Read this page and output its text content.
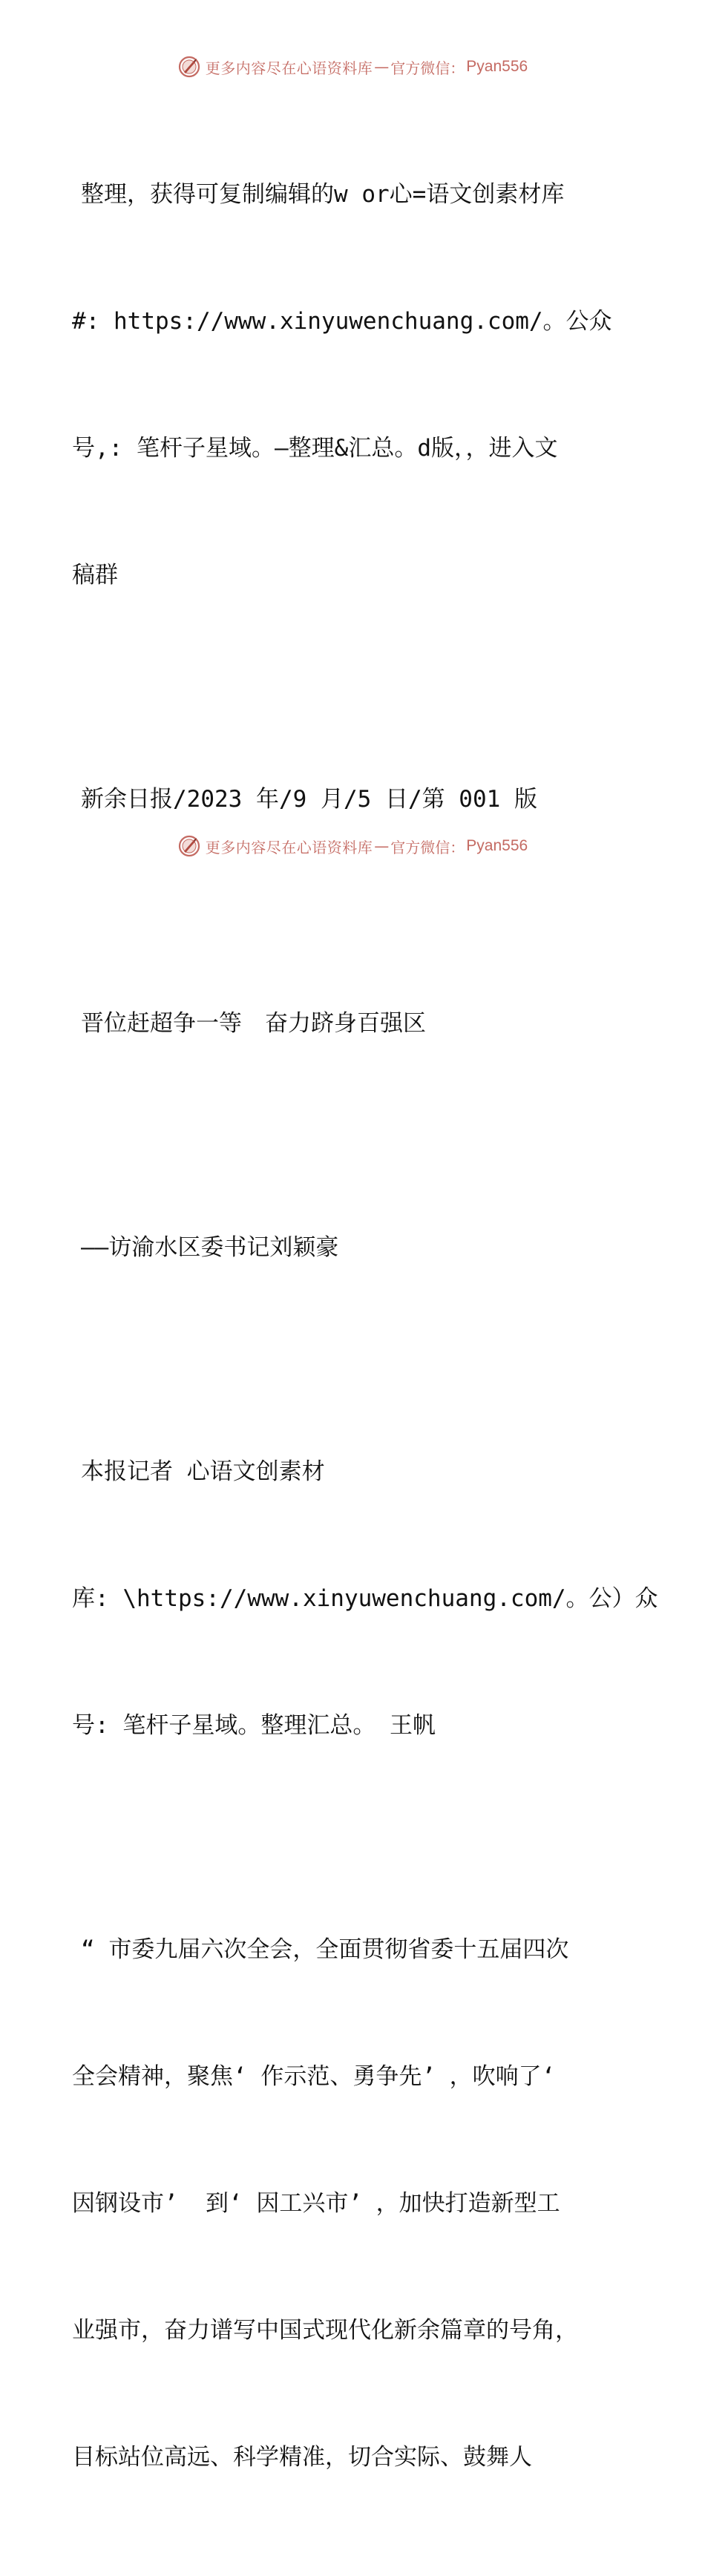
更多内容尽在心语资料库 — 官方微信： Pyan556

整理，获得可复制编辑的w or心=语文创素材库

#: https://www.xinyuwenchuang.com/。公众

号,: 笔杆子星域。—整理&汇总。d版，，进入文

稿群

新余日报/2023 年/9 月/5 日/第 001 版

晋位赶超争一等　奋力跻身百强区

——访渝水区委书记刘颖豪

本报记者 心语文创素材

库: \https://www.xinyuwenchuang.com/。公）众

号: 笔杆子星域。整理汇总。 王帆

“ 市委九届六次全会，全面贯彻省委十五届四次

全会精神，聚焦‘ 作示范、勇争先’ ，吹响了‘

因钢设市’  到‘ 因工兴市’ ，加快打造新型工

业强市，奋力谱写中国式现代化新余篇章的号角，

目标站位高远、科学精准，切合实际、鼓舞人

更多内容尽在心语资料库 — 官方微信： Pyan556
